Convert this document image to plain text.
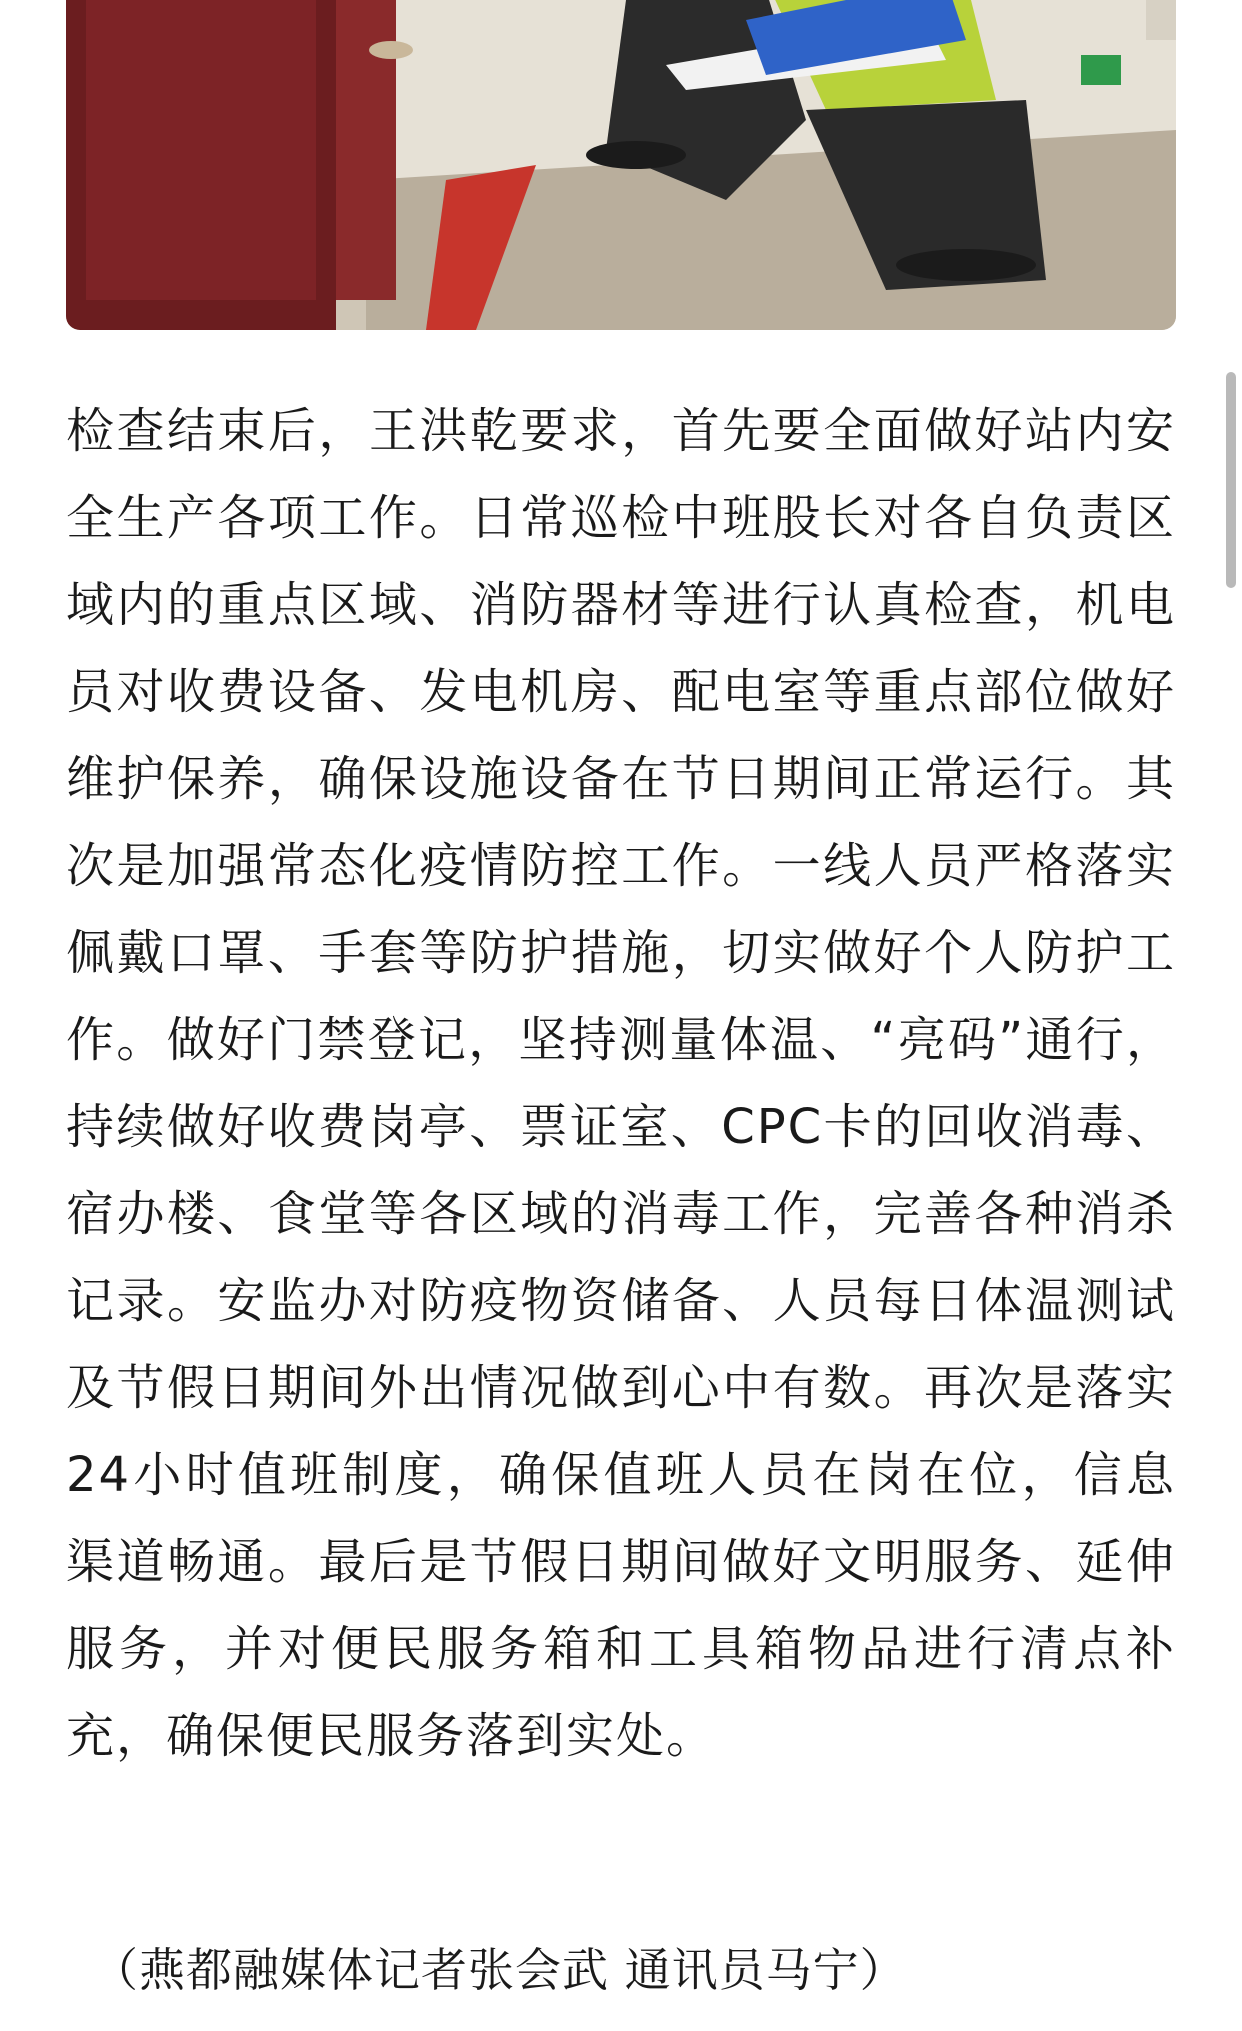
检查结束后，王洪乾要求，首先要全面做好站内安全生产各项工作。日常巡检中班股长对各自负责区域内的重点区域、消防器材等进行认真检查，机电员对收费设备、发电机房、配电室等重点部位做好维护保养，确保设施设备在节日期间正常运行。其次是加强常态化疫情防控工作。一线人员严格落实佩戴口罩、手套等防护措施，切实做好个人防护工作。做好门禁登记，坚持测量体温、“亮码”通行，持续做好收费岗亭、票证室、CPC卡的回收消毒、宿办楼、食堂等各区域的消毒工作，完善各种消杀记录。安监办对防疫物资储备、人员每日体温测试及节假日期间外出情况做到心中有数。再次是落实24小时值班制度，确保值班人员在岗在位，信息渠道畅通。最后是节假日期间做好文明服务、延伸服务，并对便民服务箱和工具箱物品进行清点补充，确保便民服务落到实处。

（燕都融媒体记者张会武 通讯员马宁）
